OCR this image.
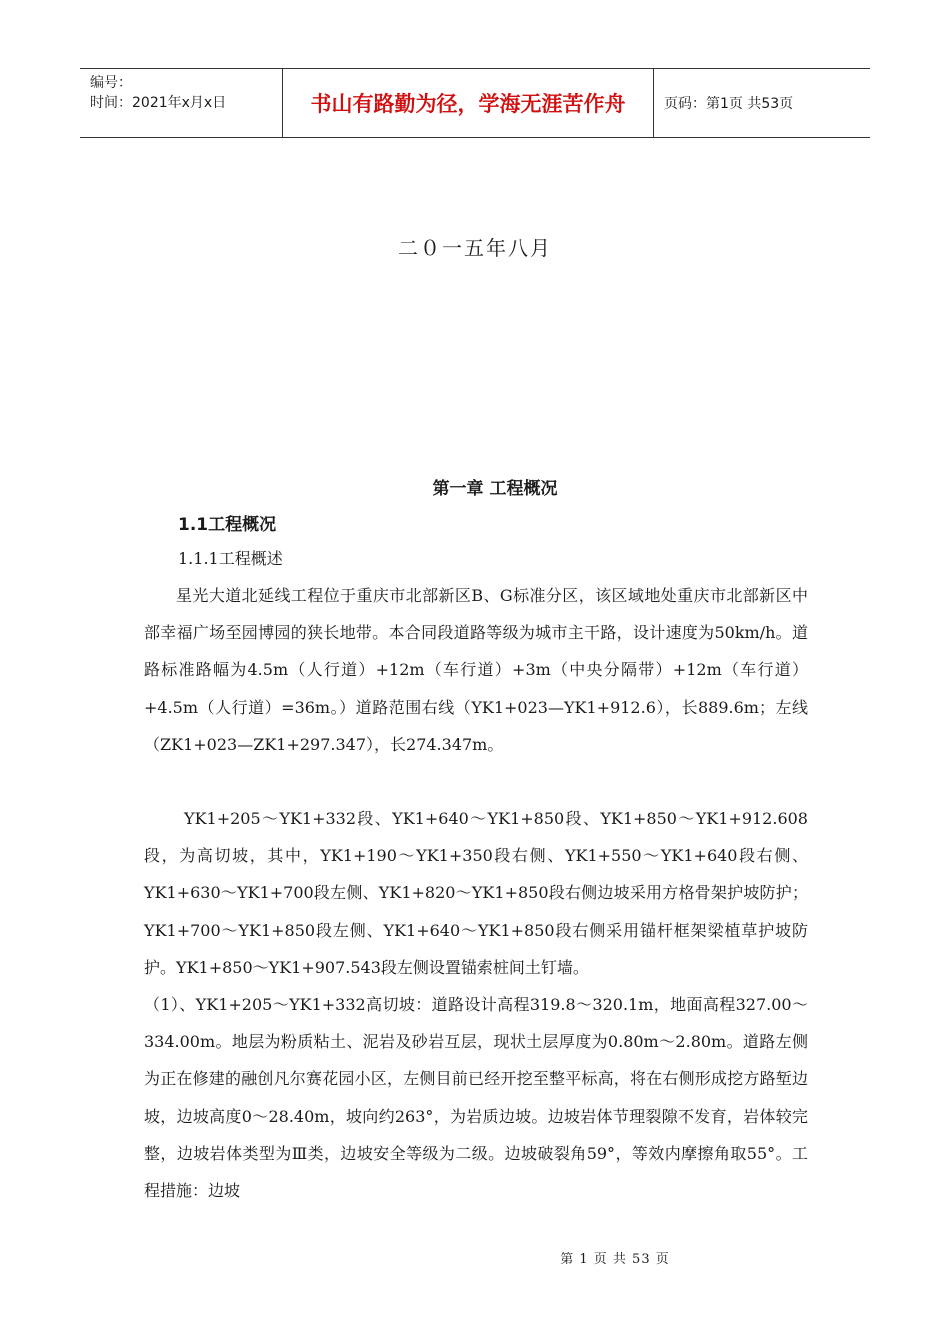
编号：
时间：2021年x月x日	书山有路勤为径，学海无涯苦作舟	页码：第1页 共53页
二０一五年八月
第一章 工程概况
1.1工程概况
1.1.1工程概述

星光大道北延线工程位于重庆市北部新区B、G标准分区，该区域地处重庆市北部新区中部幸福广场至园博园的狭长地带。本合同段道路等级为城市主干路，设计速度为50km/h。道路标准路幅为4.5m（人行道）+12m（车行道）+3m（中央分隔带）+12m（车行道）+4.5m（人行道）=36m。）道路范围右线（YK1+023—YK1+912.6），长889.6m；左线（ZK1+023—ZK1+297.347），长274.347m。

YK1+205～YK1+332段、YK1+640～YK1+850段、YK1+850～YK1+912.608段，为高切坡，其中，YK1+190～YK1+350段右侧、YK1+550～YK1+640段右侧、YK1+630～YK1+700段左侧、YK1+820～YK1+850段右侧边坡采用方格骨架护坡防护；YK1+700～YK1+850段左侧、YK1+640～YK1+850段右侧采用锚杆框架梁植草护坡防护。YK1+850～YK1+907.543段左侧设置锚索桩间土钉墙。

（1）、YK1+205～YK1+332高切坡：道路设计高程319.8～320.1m，地面高程327.00～334.00m。地层为粉质粘土、泥岩及砂岩互层，现状土层厚度为0.80m～2.80m。道路左侧为正在修建的融创凡尔赛花园小区，左侧目前已经开挖至整平标高，将在右侧形成挖方路堑边坡，边坡高度0～28.40m，坡向约263°，为岩质边坡。边坡岩体节理裂隙不发育，岩体较完整，边坡岩体类型为Ⅲ类，边坡安全等级为二级。边坡破裂角59°，等效内摩擦角取55°。工程措施：边坡

第 1 页 共 53 页
